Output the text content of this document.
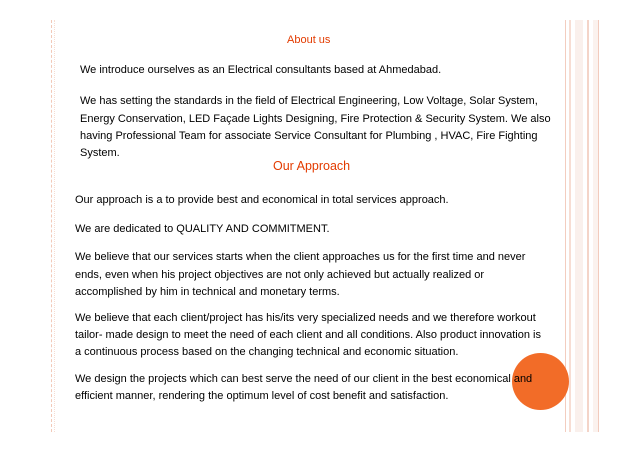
About us
We introduce ourselves as an Electrical consultants based at Ahmedabad.
We has setting the standards in the field of Electrical Engineering, Low Voltage, Solar System,
Energy Conservation, LED Façade Lights Designing, Fire Protection & Security System. We also
having Professional Team for associate Service Consultant for Plumbing , HVAC, Fire Fighting
System.
Our Approach
Our approach is a to provide best and economical in total services approach.
We are dedicated to QUALITY AND COMMITMENT.
We believe that our services starts when the client approaches us for the first time and never
ends, even when his project objectives are not only achieved but actually realized or
accomplished by him in technical and monetary terms.
We believe that each client/project has his/its very specialized needs and we therefore workout
tailor- made design to meet the need of each client and all conditions. Also product innovation is
a continuous process based on the changing technical and economic situation.
We design the projects which can best serve the need of our client in the best economical and
efficient manner, rendering the optimum level of cost benefit and satisfaction.
